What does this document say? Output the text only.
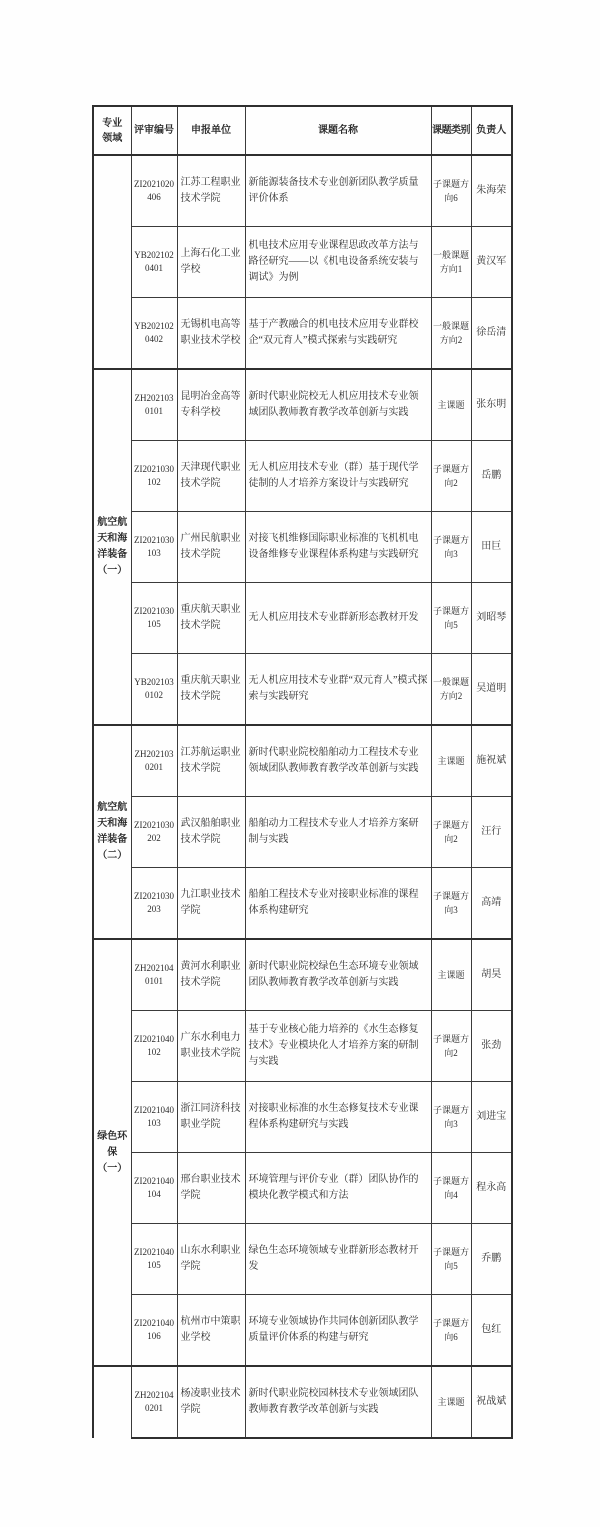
专业领域	评审编号	申报单位	课题名称	课题类别	负责人
	ZI2021020406	江苏工程职业技术学院	新能源装备技术专业创新团队教学质量评价体系	子课题方向6	朱海荣
	YB2021020401	上海石化工业学校	机电技术应用专业课程思政改革方法与路径研究——以《机电设备系统安装与调试》为例	一般课题方向1	黄汉军
	YB2021020402	无锡机电高等职业技术学校	基于产教融合的机电技术应用专业群校企“双元育人”模式探索与实践研究	一般课题方向2	徐岳清
航空航天和海洋装备（一）	ZH2021030101	昆明冶金高等专科学校	新时代职业院校无人机应用技术专业领域团队教师教育教学改革创新与实践	主课题	张东明
	ZI2021030102	天津现代职业技术学院	无人机应用技术专业（群）基于现代学徒制的人才培养方案设计与实践研究	子课题方向2	岳鹏
	ZI2021030103	广州民航职业技术学院	对接飞机维修国际职业标准的飞机机电设备维修专业课程体系构建与实践研究	子课题方向3	田巨
	ZI2021030105	重庆航天职业技术学院	无人机应用技术专业群新形态教材开发	子课题方向5	刘昭琴
	YB2021030102	重庆航天职业技术学院	无人机应用技术专业群“双元育人”模式探索与实践研究	一般课题方向2	吴道明
航空航天和海洋装备（二）	ZH2021030201	江苏航运职业技术学院	新时代职业院校船舶动力工程技术专业领域团队教师教育教学改革创新与实践	主课题	施祝斌
	ZI2021030202	武汉船舶职业技术学院	船舶动力工程技术专业人才培养方案研制与实践	子课题方向2	汪行
	ZI2021030203	九江职业技术学院	船舶工程技术专业对接职业标准的课程体系构建研究	子课题方向3	高靖
绿色环保（一）	ZH2021040101	黄河水利职业技术学院	新时代职业院校绿色生态环境专业领域团队教师教育教学改革创新与实践	主课题	胡昊
	ZI2021040102	广东水利电力职业技术学院	基于专业核心能力培养的《水生态修复技术》专业模块化人才培养方案的研制与实践	子课题方向2	张劲
	ZI2021040103	浙江同济科技职业学院	对接职业标准的水生态修复技术专业课程体系构建研究与实践	子课题方向3	刘进宝
	ZI2021040104	邢台职业技术学院	环境管理与评价专业（群）团队协作的模块化教学模式和方法	子课题方向4	程永高
	ZI2021040105	山东水利职业学院	绿色生态环境领域专业群新形态教材开发	子课题方向5	乔鹏
	ZI2021040106	杭州市中策职业学校	环境专业领域协作共同体创新团队教学质量评价体系的构建与研究	子课题方向6	包红
	ZH2021040201	杨凌职业技术学院	新时代职业院校园林技术专业领域团队教师教育教学改革创新与实践	主课题	祝战斌
